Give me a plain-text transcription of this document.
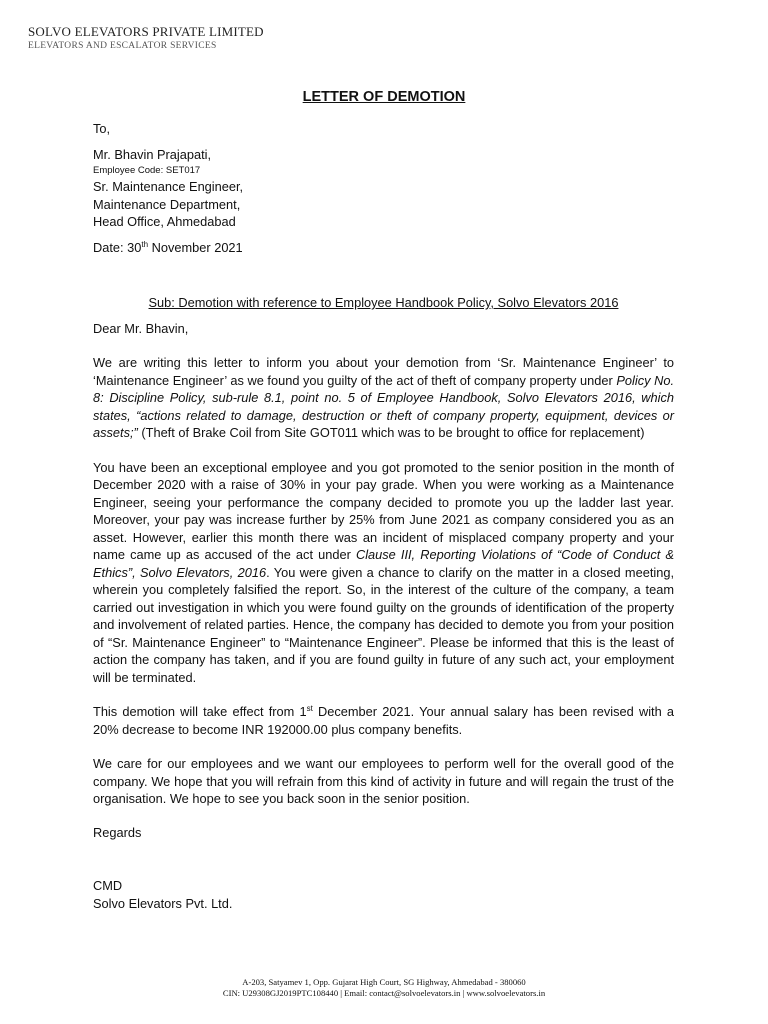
SOLVO ELEVATORS PRIVATE LIMITED
ELEVATORS AND ESCALATOR SERVICES
LETTER OF DEMOTION

To,

Mr. Bhavin Prajapati,

Employee Code: SET017

Sr. Maintenance Engineer,

Maintenance Department,

Head Office, Ahmedabad

Date: 30th November 2021

Sub: Demotion with reference to Employee Handbook Policy, Solvo Elevators 2016

Dear Mr. Bhavin,

We are writing this letter to inform you about your demotion from ‘Sr. Maintenance Engineer’ to ‘Maintenance Engineer’ as we found you guilty of the act of theft of company property under Policy No. 8: Discipline Policy, sub-rule 8.1, point no. 5 of Employee Handbook, Solvo Elevators 2016, which states, “actions related to damage, destruction or theft of company property, equipment, devices or assets;” (Theft of Brake Coil from Site GOT011 which was to be brought to office for replacement)

You have been an exceptional employee and you got promoted to the senior position in the month of December 2020 with a raise of 30% in your pay grade. When you were working as a Maintenance Engineer, seeing your performance the company decided to promote you up the ladder last year. Moreover, your pay was increase further by 25% from June 2021 as company considered you as an asset. However, earlier this month there was an incident of misplaced company property and your name came up as accused of the act under Clause III, Reporting Violations of “Code of Conduct & Ethics”, Solvo Elevators, 2016. You were given a chance to clarify on the matter in a closed meeting, wherein you completely falsified the report. So, in the interest of the culture of the company, a team carried out investigation in which you were found guilty on the grounds of identification of the property and involvement of related parties. Hence, the company has decided to demote you from your position of “Sr. Maintenance Engineer” to “Maintenance Engineer”. Please be informed that this is the least of action the company has taken, and if you are found guilty in future of any such act, your employment will be terminated.

This demotion will take effect from 1st December 2021. Your annual salary has been revised with a 20% decrease to become INR 192000.00 plus company benefits.

We care for our employees and we want our employees to perform well for the overall good of the company. We hope that you will refrain from this kind of activity in future and will regain the trust of the organisation. We hope to see you back soon in the senior position.

Regards

CMD

Solvo Elevators Pvt. Ltd.

A-203, Satyamev 1, Opp. Gujarat High Court, SG Highway, Ahmedabad - 380060
CIN: U29308GJ2019PTC108440 | Email: contact@solvoelevators.in | www.solvoelevators.in
